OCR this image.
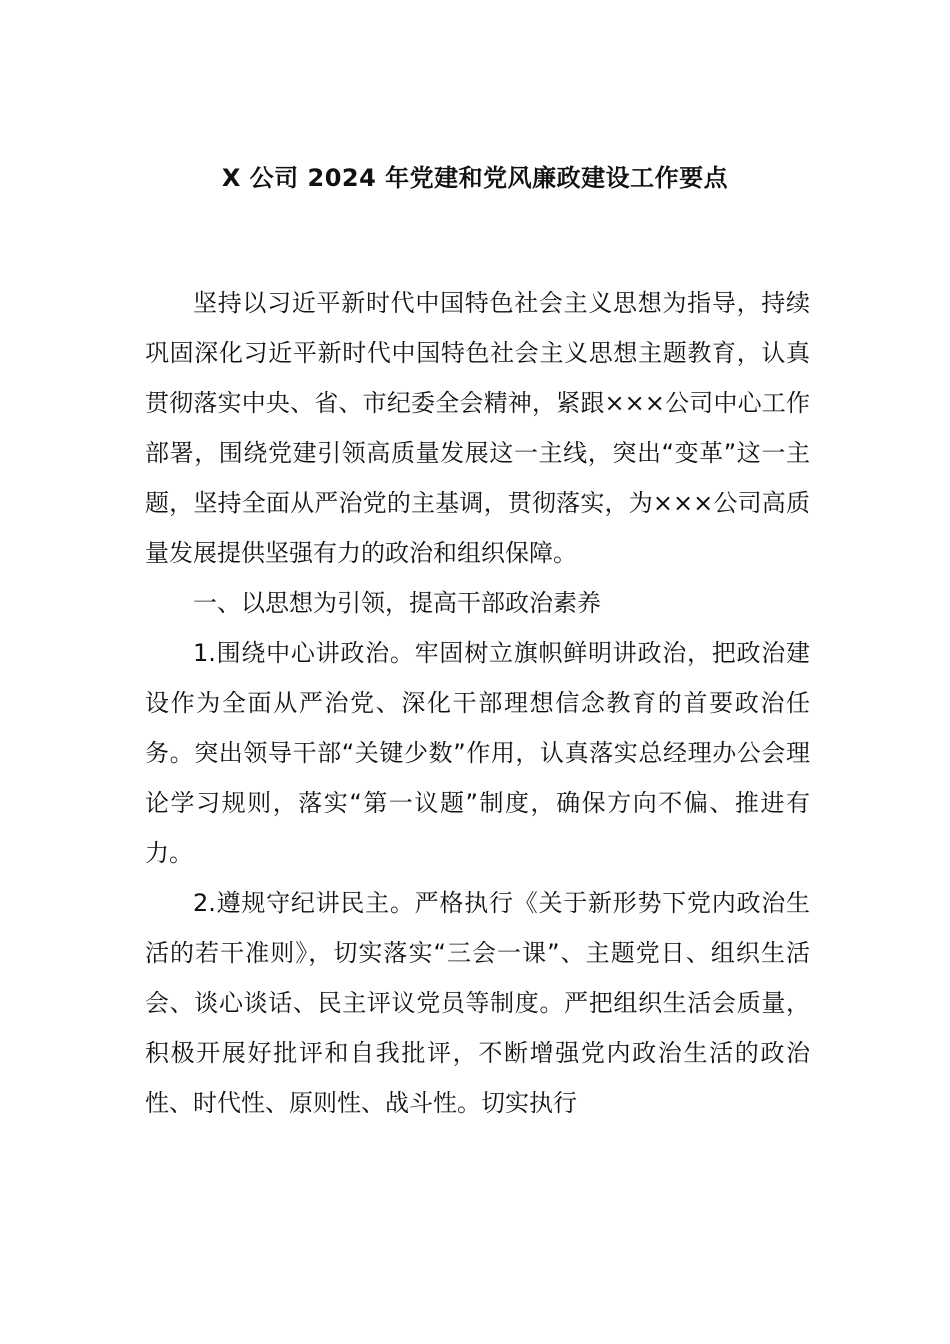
X 公司 2024 年党建和党风廉政建设工作要点

坚持以习近平新时代中国特色社会主义思想为指导，持续巩固深化习近平新时代中国特色社会主义思想主题教育，认真贯彻落实中央、省、市纪委全会精神，紧跟×××公司中心工作部署，围绕党建引领高质量发展这一主线，突出“变革”这一主题，坚持全面从严治党的主基调，贯彻落实，为×××公司高质量发展提供坚强有力的政治和组织保障。

一、以思想为引领，提高干部政治素养

1.围绕中心讲政治。牢固树立旗帜鲜明讲政治，把政治建设作为全面从严治党、深化干部理想信念教育的首要政治任务。突出领导干部“关键少数”作用，认真落实总经理办公会理论学习规则，落实“第一议题”制度，确保方向不偏、推进有力。

2.遵规守纪讲民主。严格执行《关于新形势下党内政治生活的若干准则》，切实落实“三会一课”、主题党日、组织生活会、谈心谈话、民主评议党员等制度。严把组织生活会质量，积极开展好批评和自我批评，不断增强党内政治生活的政治性、时代性、原则性、战斗性。切实执行
